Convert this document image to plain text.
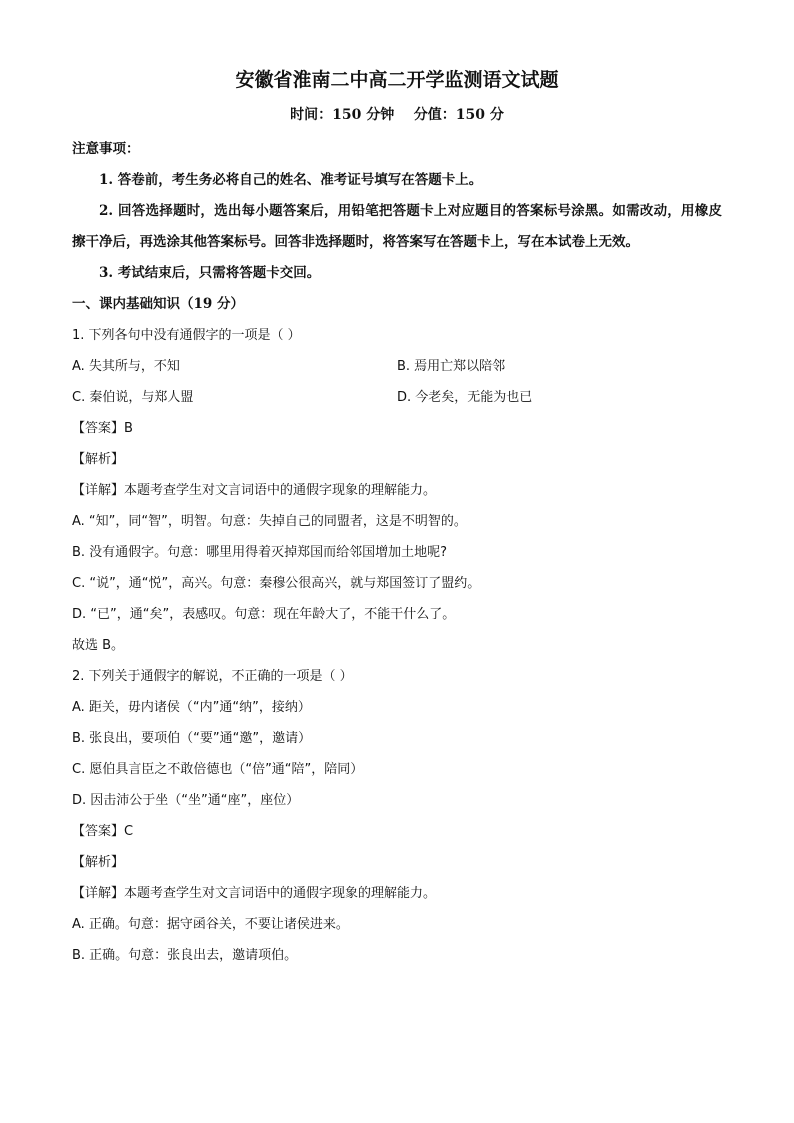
安徽省淮南二中高二开学监测语文试题
时间：150 分钟    分值：150 分
注意事项：
1. 答卷前，考生务必将自己的姓名、准考证号填写在答题卡上。
2. 回答选择题时，选出每小题答案后，用铅笔把答题卡上对应题目的答案标号涂黑。如需改动，用橡皮擦干净后，再选涂其他答案标号。回答非选择题时，将答案写在答题卡上，写在本试卷上无效。
3. 考试结束后，只需将答题卡交回。
一、课内基础知识（19 分）
1. 下列各句中没有通假字的一项是（ ）
A. 失其所与，不知	B. 焉用亡郑以陪邻
C. 秦伯说，与郑人盟	D. 今老矣，无能为也已
【答案】B
【解析】
【详解】本题考查学生对文言词语中的通假字现象的理解能力。
A. “知”，同“智”，明智。句意：失掉自己的同盟者，这是不明智的。
B. 没有通假字。句意：哪里用得着灭掉郑国而给邻国增加土地呢?
C. “说”，通“悦”，高兴。句意：秦穆公很高兴，就与郑国签订了盟约。
D. “已”，通“矣”，表感叹。句意：现在年龄大了，不能干什么了。
故选 B。
2. 下列关于通假字的解说，不正确的一项是（ ）
A. 距关，毋内诸侯（“内”通“纳”，接纳）
B. 张良出，要项伯（“要”通“邀”，邀请）
C. 愿伯具言臣之不敢倍德也（“倍”通“陪”，陪同）
D. 因击沛公于坐（“坐”通“座”，座位）
【答案】C
【解析】
【详解】本题考查学生对文言词语中的通假字现象的理解能力。
A. 正确。句意：据守函谷关，不要让诸侯进来。
B. 正确。句意：张良出去，邀请项伯。
